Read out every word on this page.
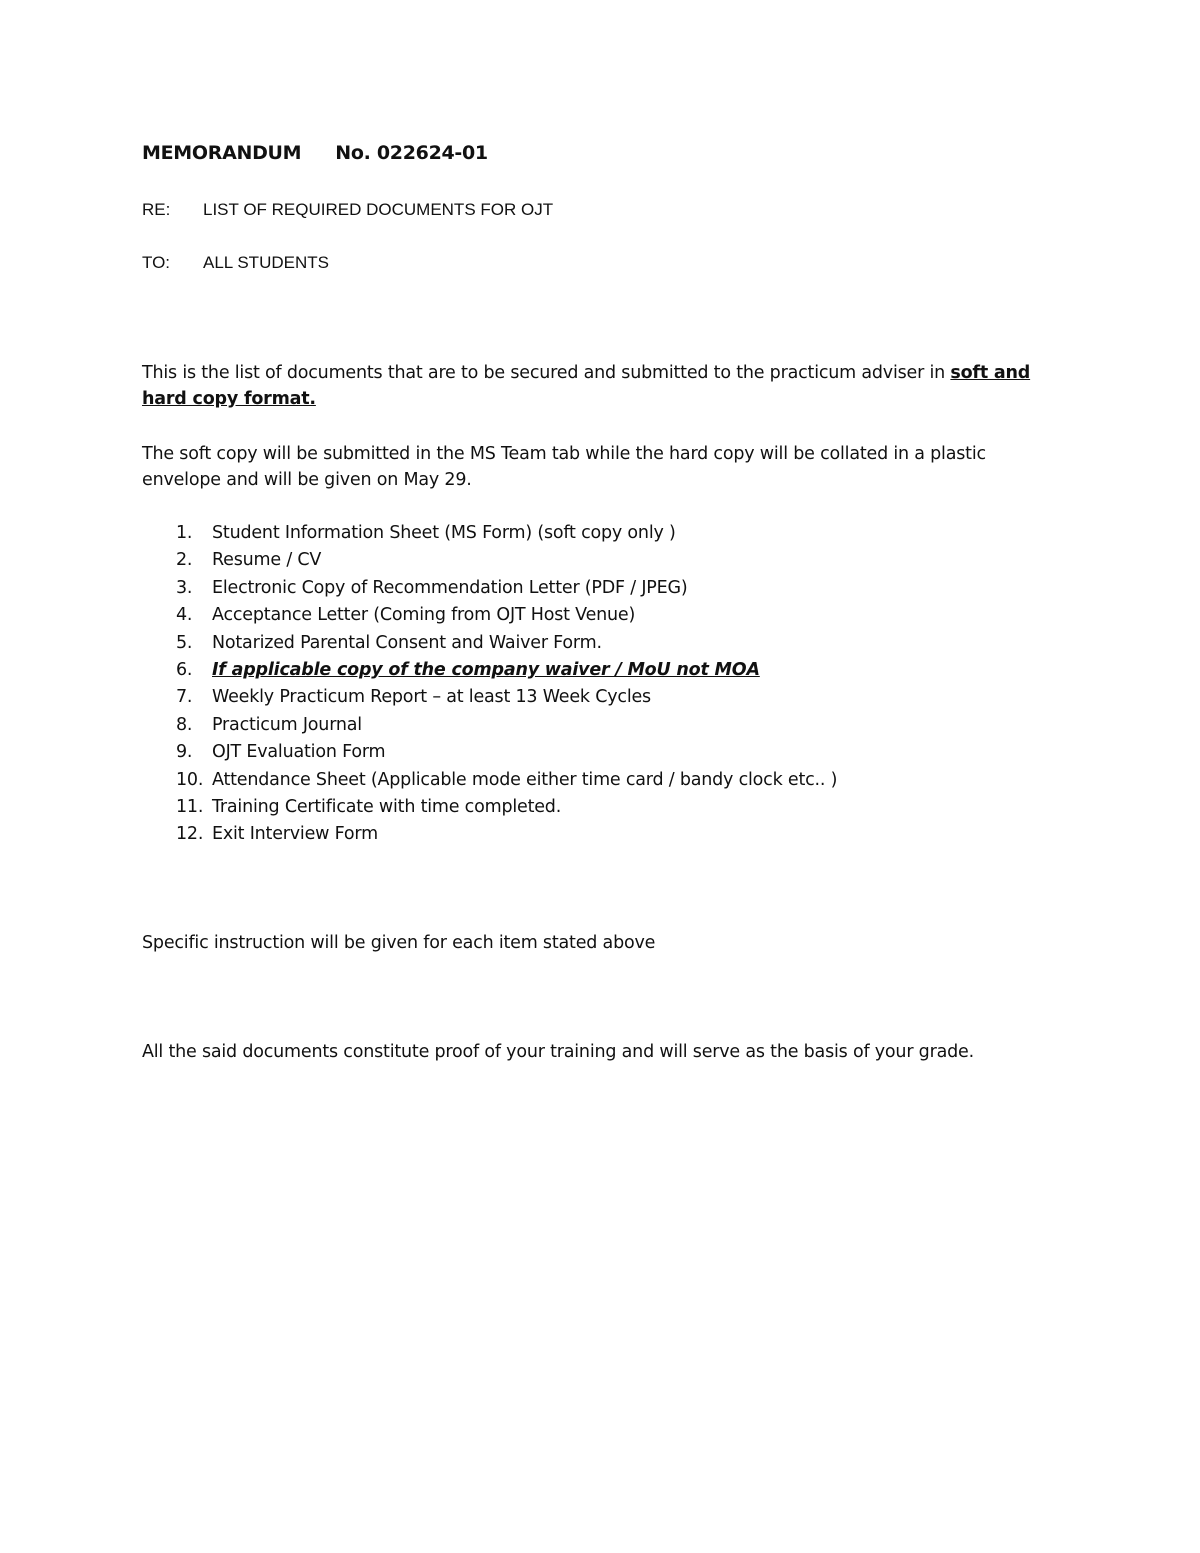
MEMORANDUM No. 022624-01
RE: LIST OF REQUIRED DOCUMENTS FOR OJT
TO: ALL STUDENTS
This is the list of documents that are to be secured and submitted to the practicum adviser in soft and hard copy format.
The soft copy will be submitted in the MS Team tab while the hard copy will be collated in a plastic envelope and will be given on May 29.
1. Student Information Sheet (MS Form) (soft copy only )
2. Resume / CV
3. Electronic Copy of Recommendation Letter (PDF / JPEG)
4. Acceptance Letter (Coming from OJT Host Venue)
5. Notarized Parental Consent and Waiver Form.
6. If applicable copy of the company waiver / MoU not MOA
7. Weekly Practicum Report – at least 13 Week Cycles
8. Practicum Journal
9. OJT Evaluation Form
10. Attendance Sheet (Applicable mode either time card / bandy clock etc.. )
11. Training Certificate with time completed.
12. Exit Interview Form
Specific instruction will be given for each item stated above
All the said documents constitute proof of your training and will serve as the basis of your grade.
